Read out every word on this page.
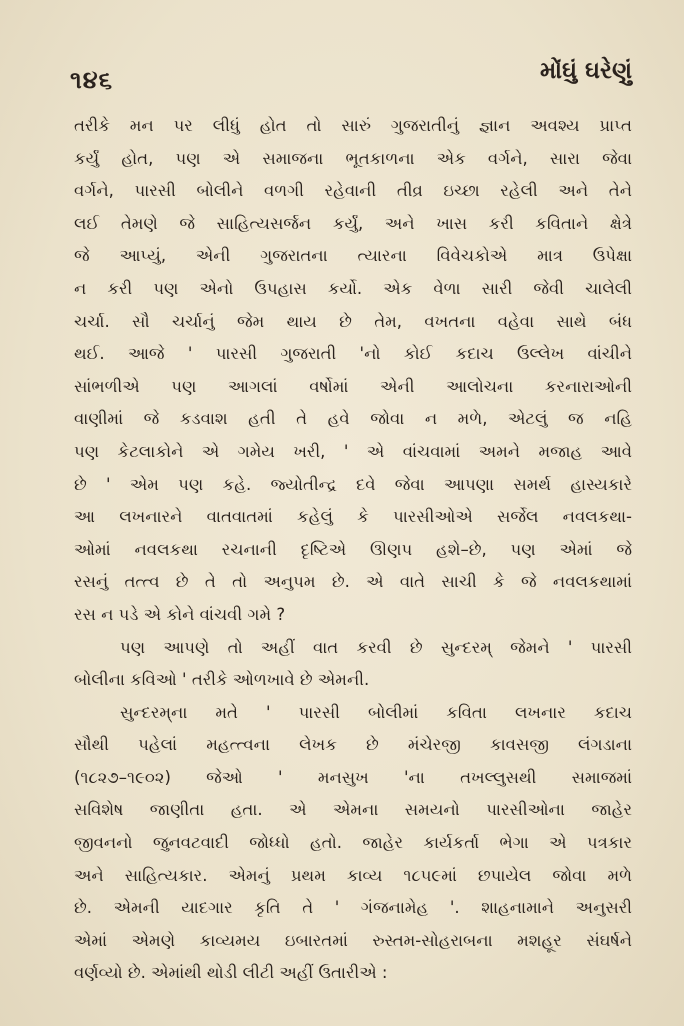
૧૪૬	મોંઘું ઘરેણું
તરીકે મન પર લીધું હોત તો સારું ગુજરાતીનું જ્ઞાન અવશ્ય પ્રાપ્ત
કર્યું હોત, પણ એ સમાજના ભૂતકાળના એક વર્ગને, સારા જેવા
વર્ગને, પારસી બોલીને વળગી રહેવાની તીવ્ર ઇચ્છા રહેલી અને તેને
લઈ તેમણે જે સાહિત્યસર્જન કર્યું, અને ખાસ કરી કવિતાને ક્ષેત્રે
જે આપ્યું, એની ગુજરાતના ત્યારના વિવેચકોએ માત્ર ઉપેક્ષા
ન કરી પણ એનો ઉપહાસ કર્યો. એક વેળા સારી જેવી ચાલેલી
ચર્ચા. સૌ ચર્ચાનું જેમ થાય છે તેમ, વખતના વહેવા સાથે બંધ
થઈ. આજે ' પારસી ગુજરાતી 'નો કોઈ કદાચ ઉલ્લેખ વાંચીને
સાંભળીએ પણ આગલાં વર્ષોમાં એની આલોચના કરનારાઓની
વાણીમાં જે કડવાશ હતી તે હવે જોવા ન મળે, એટલું જ નહિ
પણ કેટલાકોને એ ગમેય ખરી, ' એ વાંચવામાં અમને મજાહ આવે
છે ' એમ પણ કહે. જ્યોતીન્દ્ર દવે જેવા આપણા સમર્થ હાસ્યકારે
આ લખનારને વાતવાતમાં કહેલું કે પારસીઓએ સર્જેલ નવલકથા-
ઓમાં નવલકથા રચનાની દૃષ્ટિએ ઊણપ હશે–છે, પણ એમાં જે
રસનું તત્ત્વ છે તે તો અનુપમ છે. એ વાતે સાચી કે જે નવલકથામાં
રસ ન પડે એ કોને વાંચવી ગમે ?
પણ આપણે તો અહીં વાત કરવી છે સુન્દરમ્ જેમને ' પારસી
બોલીના કવિઓ ' તરીકે ઓળખાવે છે એમની.
સુન્દરમ્‌ના મતે ' પારસી બોલીમાં કવિતા લખનાર કદાચ
સૌથી પહેલાં મહત્ત્વના લેખક છે મંચેરજી કાવસજી લંગડાના
(૧૮૨૭–૧૯૦૨) જેઓ ' મનસુખ 'ના તખલ્લુસથી સમાજમાં
સવિશેષ જાણીતા હતા. એ એમના સમયનો પારસીઓના જાહેર
જીવનનો જુનવટવાદી જોધ્ધો હતો. જાહેર કાર્યકર્તા ભેગા એ પત્રકાર
અને સાહિત્યકાર. એમનું પ્રથમ કાવ્ય ૧૮૫૯માં છપાયેલ જોવા મળે
છે. એમની યાદગાર કૃતિ તે ' ગંજનામેહ '. શાહનામાને અનુસરી
એમાં એમણે કાવ્યમય ઇબારતમાં રુસ્તમ-સોહરાબના મશહૂર સંઘર્ષને
વર્ણવ્યો છે. એમાંથી થોડી લીટી અહીં ઉતારીએ :
